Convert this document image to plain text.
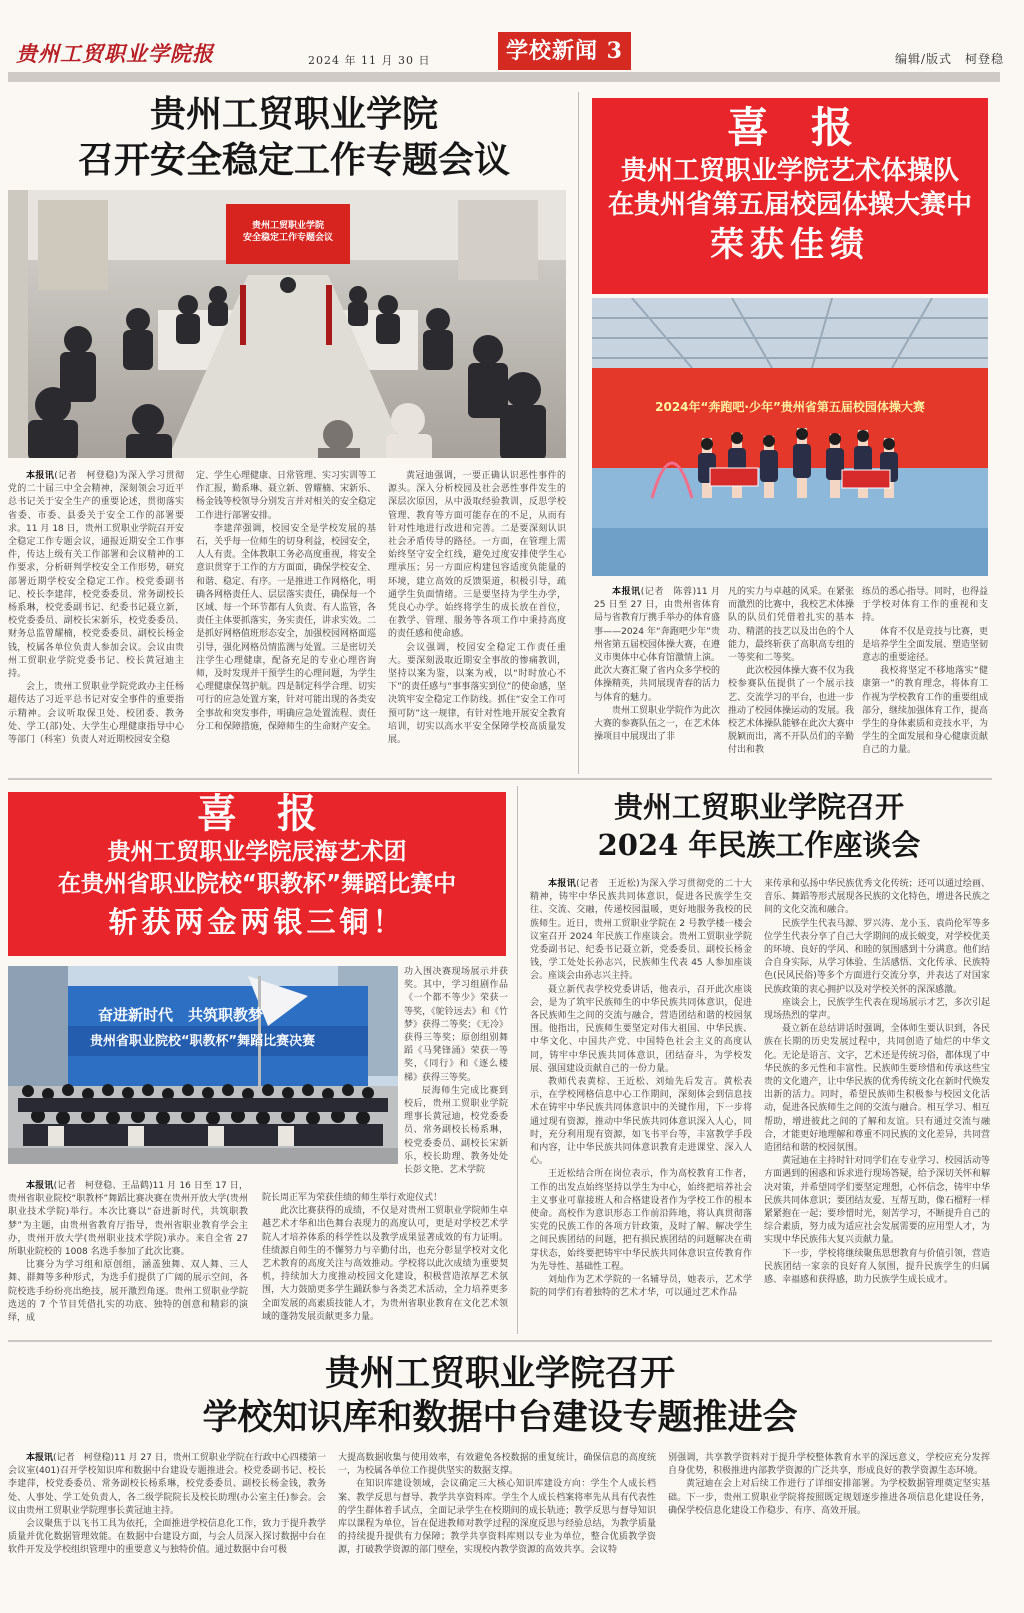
贵州工贸职业学院报	2024 年 11 月 30 日	学校新闻 3	编辑/版式　柯登稳
贵州工贸职业学院
召开安全稳定工作专题会议
贵州工贸职业学院
安全稳定工作专题会议

本报讯(记者　柯登稳)为深入学习贯彻党的二十届三中全会精神，深刻领会习近平总书记关于安全生产的重要论述，贯彻落实省委、市委、县委关于安全工作的部署要求。11 月 18 日，贵州工贸职业学院召开安全稳定工作专题会议，通报近期安全工作事件，传达上级有关工作部署和会议精神的工作要求，分析研判学校安全工作形势，研究部署近期学校安全稳定工作。校党委副书记、校长李建萍，校党委委员、常务副校长杨系琳，校党委副书记、纪委书记聂立新，校党委委员、副校长宋新乐，校党委委员、财务总监曾耀楠，校党委委员、副校长杨金钱，校属各单位负责人参加会议。会议由贵州工贸职业学院党委书记、校长黄冠迪主持。

会上，贵州工贸职业学院党政办主任杨超传达了习近平总书记对安全事件的重要指示精神。会议听取保卫处、校团委、教务处、学工(部)处、大学生心理健康指导中心等部门（科室）负责人对近期校园安全稳

定、学生心理健康、日常管理、实习实训等工作汇报，勤系琳、聂立新、曾耀楠、宋新乐、杨金钱等校领导分别发言并对相关的安全稳定工作进行部署安排。

李建萍强调，校园安全是学校发展的基石，关乎每一位师生的切身利益，校园安全，人人有责。全体教职工务必高度重视，将安全意识贯穿于工作的方方面面，确保学校安全、和谐、稳定、有序。一是推进工作网格化，明确各网格责任人、层层落实责任，确保每一个区域、每一个环节都有人负责、有人监管，各责任主体要抓落实，务实责任，讲求实效。二是抓好网格值班形态安全，加强校园网格面巡引导，强化网格员情监测与处置。三是密切关注学生心理健康，配备充足的专业心理咨询师，及时发现并干预学生的心理问题，为学生心理健康保驾护航。四是制定科学合理、切实可行的应急处置方案，针对可能出现的各类安全事故和突发事件，明确应急处置流程、责任分工和保障措施，保障师生的生命财产安全。

黄冠迪强调，一要正确认识恶性事件的源头。深入分析校园及社会恶性事件发生的深层次原因，从中汲取经验教训，反思学校管理、教育等方面可能存在的不足，从而有针对性地进行改进和完善。二是要深刻认识社会矛盾传导的路径。一方面，在管理上需始终坚守安全红线，避免过度安排使学生心理承压；另一方面应构建包容适度负能量的环境，建立高效的反馈渠道，积极引导，疏通学生负面情绪。三是要坚持为学生办学，凭良心办学。始终将学生的成长放在首位，在教学、管理、服务等各项工作中秉持高度的责任感和使命感。

会议强调，校园安全稳定工作责任重大。要深刻汲取近期安全事故的惨痛教训，坚持以案为鉴，以案为戒，以“时时放心不下”的责任感与“事事落实到位”的使命感，坚决筑牢安全稳定工作防线。抓住“安全工作可预可防”这一规律，有针对性地开展安全教育培训，切实以高水平安全保障学校高质量发展。

喜　报
贵州工贸职业学院艺术体操队
在贵州省第五届校园体操大赛中
荣获佳绩
2024年“奔跑吧·少年”贵州省第五届校园体操大赛

本报讯(记者　陈蓉)11 月 25 日至 27 日，由贵州省体育局与省教育厅携手举办的体育盛事——2024 年“奔跑吧少年”贵州省第五届校园体操大赛，在遵义市奥体中心体育馆激情上演。此次大赛汇聚了省内众多学校的体操精英，共同展现青春的活力与体育的魅力。

贵州工贸职业学院作为此次大赛的参赛队伍之一，在艺术体操项目中展现出了非

凡的实力与卓越的风采。在紧张而激烈的比赛中，我校艺术体操队的队员们凭借着扎实的基本功、精湛的技艺以及出色的个人能力，最终斩获了高职高专组的一等奖和二等奖。

此次校园体操大赛不仅为我校参赛队伍提供了一个展示技艺、交流学习的平台，也进一步推动了校园体操运动的发展。我校艺术体操队能够在此次大赛中脱颖而出，离不开队员们的辛勤付出和教

练员的悉心指导。同时，也得益于学校对体育工作的重视和支持。

体育不仅是竞技与比赛，更是培养学生全面发展、塑造坚韧意志的重要途径。

我校将坚定不移地落实“健康第一”的教育理念，将体育工作视为学校教育工作的重要组成部分，继续加强体育工作，提高学生的身体素质和竞技水平，为学生的全面发展和身心健康贡献自己的力量。

喜　报
贵州工贸职业学院辰海艺术团
在贵州省职业院校“职教杯”舞蹈比赛中
斩获两金两银三铜！
奋进新时代　共筑职教梦
贵州省职业院校“职教杯”舞蹈比赛决赛

功入围决赛现场展示并获奖。其中，学习组剧作品《一个都不等少》荣获一等奖，《鸵铃远去》和《竹梦》获得二等奖；《无冷》获得三等奖；原创组别舞蹈《马凳锋涌》荣获一等奖，《同行》和《逐么楼梯》获得三等奖。

辰海师生完成比赛到校后，贵州工贸职业学院理事长黄冠迪，校党委委员、常务副校长杨系琳，校党委委员、副校长宋新乐，校长助理、教务处处长彭文艳、艺术学院

本报讯(记者　柯登稳、王品鹤)11 月 16 日至 17 日，贵州省职业院校“职教杯”舞蹈比赛决赛在贵州开放大学(贵州职业技术学院)举行。本次比赛以“奋进新时代，共筑职教梦”为主题，由贵州省教育厅指导，贵州省职业教育学会主办，贵州开放大学(贵州职业技术学院)承办。来自全省 27 所职业院校的 1008 名选手参加了此次比赛。

比赛分为学习组和原创组，涵盖独舞、双人舞、三人舞、群舞等多种形式，为选手们提供了广阔的展示空间，各院校选手纷纷亮出绝技，展开激烈角逐。贵州工贸职业学院选送的 7 个节目凭借扎实的功底、独特的创意和精彩的演绎，成

院长周正军为荣获佳绩的师生举行欢迎仪式！

此次比赛获得的成绩，不仅是对贵州工贸职业学院师生卓越艺术才华和出色舞台表现力的高度认可，更是对学校艺术学院人才培养体系的科学性以及教学成果显著成效的有力证明。佳绩源自师生的不懈努力与辛勤付出，也充分彰显学校对文化艺术教育的高度关注与高效推动。学校将以此次成绩为重要契机，持续加大力度推动校园文化建设，积极营造浓厚艺术氛围，大力鼓励更多学生踊跃参与各类艺术活动，全力培养更多全面发展的高素质技能人才，为贵州省职业教育在文化艺术领域的蓬勃发展贡献更多力量。

贵州工贸职业学院召开
2024 年民族工作座谈会

本报讯(记者　王近松)为深入学习贯彻党的二十大精神，铸牢中华民族共同体意识，促进各民族学生交往、交流、交融，传递校园温暖，更好地服务我校的民族师生。近日，贵州工贸职业学院在 2 号教学楼一楼会议室召开 2024 年民族工作座谈会。贵州工贸职业学院党委副书记、纪委书记聂立新，党委委员、副校长杨金钱，学工处处长孙志兴，民族师生代表 45 人参加座谈会。座谈会由孙志兴主持。

聂立新代表学校党委讲话，他表示，召开此次座谈会，是为了筑牢民族师生的中华民族共同体意识，促进各民族师生之间的交流与融合，营造团结和谐的校园氛围。他指出，民族师生要坚定对伟大祖国、中华民族、中华文化、中国共产党、中国特色社会主义的高度认同，铸牢中华民族共同体意识，团结奋斗，为学校发展、强国建设贡献自己的一份力量。

教师代表黄棕、王近松、刘灿先后发言。黄松表示，在学校网格信息中心工作期间，深刻体会到信息技术在铸牢中华民族共同体意识中的关键作用，下一步将通过现有资源，推动中华民族共同体意识深入人心，同时，充分利用现有资源，如飞书平台等，丰富教学手段和内容，让中华民族共同体意识教育走进课堂、深入人心。

王近松结合所在岗位表示，作为高校教育工作者，工作的出发点始终坚持以学生为中心，始终把培养社会主义事业可靠接班人和合格建设者作为学校工作的根本使命。高校作为意识形态工作前沿阵地，将认真贯彻落实党的民族工作的各项方针政策，及时了解、解决学生之间民族团结的问题，把有损民族团结的问题解决在萌芽状态，始终要把铸牢中华民族共同体意识宣传教育作为先导性、基础性工程。

刘灿作为艺术学院的一名辅导员，她表示，艺术学院的同学们有着独特的艺术才华，可以通过艺术作品

来传承和弘扬中华民族优秀文化传统；还可以通过绘画、音乐、舞蹈等形式展现各民族的文化特色，增进各民族之间的文化交流和融合。

民族学生代表马源、罗兴涛、龙小玉、袁尚伦军等多位学生代表分享了自己大学期间的成长蜕变，对学校优美的环境、良好的学风、和睦的氛围感到十分满意。他们结合自身实际，从学习体验、生活感悟、文化传承、民族特色(民风民俗)等多个方面进行交流分享，并表达了对国家民族政策的衷心拥护以及对学校关怀的深深感激。

座谈会上，民族学生代表在现场展示才艺，多次引起现场热烈的掌声。

聂立新在总结讲话时强调，全体师生要认识到，各民族在长期的历史发展过程中，共同创造了灿烂的中华文化。无论是语言、文字，艺术还是传统习俗，都体现了中华民族的多元性和丰富性。民族师生要珍惜和传承这些宝贵的文化遗产，让中华民族的优秀传统文化在新时代焕发出新的活力。同时，希望民族师生积极参与校园文化活动，促进各民族师生之间的交流与融合。相互学习、相互帮助，增进彼此之间的了解和友谊。只有通过交流与融合，才能更好地理解和尊重不同民族的文化差异，共同营造团结和谐的校园氛围。

黄冠迪在主持时针对同学们在专业学习、校园活动等方面遇到的困惑和诉求进行现场答疑，给予深切关怀和解决对策，并希望同学们要坚定理想，心怀信念，铸牢中华民族共同体意识；要团结友爱、互帮互助，像石榴籽一样紧紧抱在一起；要珍惜时光，刻苦学习，不断提升自己的综合素质，努力成为适应社会发展需要的应用型人才，为实现中华民族伟大复兴贡献力量。

下一步，学校将继续聚焦思想教育与价值引领，营造民族团结一家亲的良好育人氛围，提升民族学生的归属感、幸福感和获得感，助力民族学生成长成才。

贵州工贸职业学院召开
学校知识库和数据中台建设专题推进会

本报讯(记者　柯登稳)11 月 27 日，贵州工贸职业学院在行政中心四楼第一会议室(401)召开学校知识库和数据中台建设专题推进会。校党委副书记、校长李建萍，校党委委员、常务副校长杨系琳，校党委委员、副校长杨金钱，教务处、人事处、学工处负责人，各二级学院院长及校长助理(办公室主任)参会。会议由贵州工贸职业学院理事长黄冠迪主持。

会议聚焦于以飞书工具为依托，全面推进学校信息化工作，致力于提升教学质量并优化数据管理效能。在数据中台建设方面，与会人员深入探讨数据中台在软件开发及学校组织管理中的重要意义与独特价值。通过数据中台可极

大提高数据收集与使用效率，有效避免各校数据的重复统计，确保信息的高度统一，为校属各单位工作提供坚实的数据支撑。

在知识库建设领域，会议确定三大核心知识库建设方向：学生个人成长档案、教学反思与督导、教学共享资料库。学生个人成长档案将率先从具有代表性的学生群体着手试点，全面记录学生在校期间的成长轨迹；教学反思与督导知识库以课程为单位，旨在促进教师对教学过程的深度反思与经验总结，为教学质量的持续提升提供有力保障；教学共享资料库则以专业为单位，整合优质教学资源，打破教学资源的部门壁垒，实现校内教学资源的高效共享。会议特

别强调，共享教学资料对于提升学校整体教育水平的深远意义，学校应充分发挥自身优势，积极推进内部教学资源的广泛共享，形成良好的教学资源生态环境。

黄冠迪在会上对后续工作进行了详细安排部署。为学校数据管理奠定坚实基础。下一步，贵州工贸职业学院将按照既定规划逐步推进各项信息化建设任务，确保学校信息化建设工作稳步、有序、高效开展。
